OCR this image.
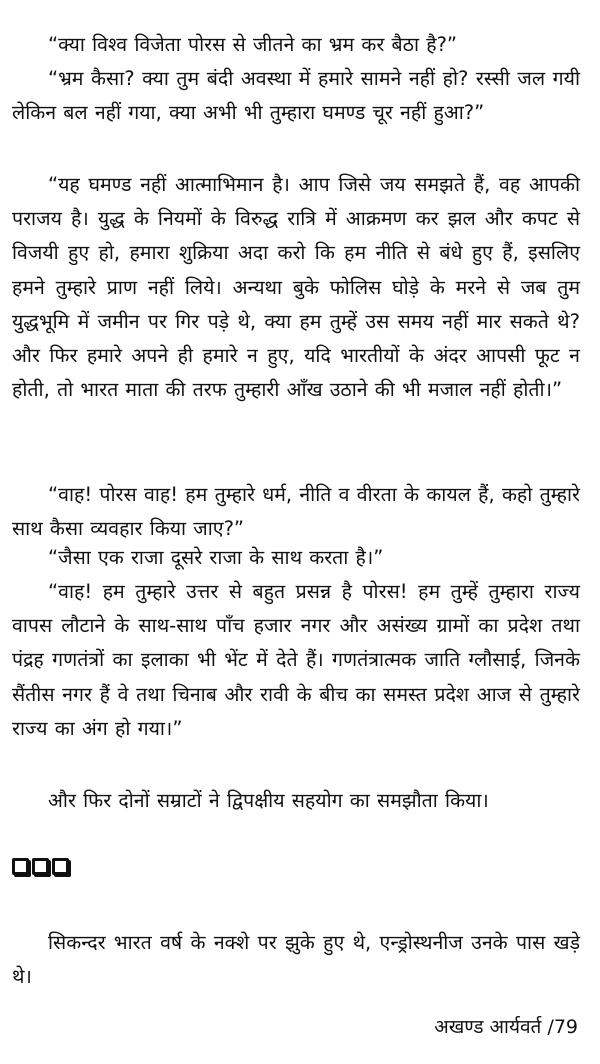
“क्या विश्व विजेता पोरस से जीतने का भ्रम कर बैठा है?”

“भ्रम कैसा? क्या तुम बंदी अवस्था में हमारे सामने नहीं हो? रस्सी जल गयी लेकिन बल नहीं गया, क्या अभी भी तुम्हारा घमण्ड चूर नहीं हुआ?”

“यह घमण्ड नहीं आत्माभिमान है। आप जिसे जय समझते हैं, वह आपकी पराजय है। युद्ध के नियमों के विरुद्ध रात्रि में आक्रमण कर झल और कपट से विजयी हुए हो, हमारा शुक्रिया अदा करो कि हम नीति से बंधे हुए हैं, इसलिए हमने तुम्हारे प्राण नहीं लिये। अन्यथा बुके फोलिस घोड़े के मरने से जब तुम युद्धभूमि में जमीन पर गिर पड़े थे, क्या हम तुम्हें उस समय नहीं मार सकते थे? और फिर हमारे अपने ही हमारे न हुए, यदि भारतीयों के अंदर आपसी फूट न होती, तो भारत माता की तरफ तुम्हारी आँख उठाने की भी मजाल नहीं होती।”

“वाह! पोरस वाह! हम तुम्हारे धर्म, नीति व वीरता के कायल हैं, कहो तुम्हारे साथ कैसा व्यवहार किया जाए?”

“जैसा एक राजा दूसरे राजा के साथ करता है।”

“वाह! हम तुम्हारे उत्तर से बहुत प्रसन्न है पोरस! हम तुम्हें तुम्हारा राज्य वापस लौटाने के साथ-साथ पाँच हजार नगर और असंख्य ग्रामों का प्रदेश तथा पंद्रह गणतंत्रों का इलाका भी भेंट में देते हैं। गणतंत्रात्मक जाति ग्लौसाई, जिनके सैंतीस नगर हैं वे तथा चिनाब और रावी के बीच का समस्त प्रदेश आज से तुम्हारे राज्य का अंग हो गया।”

और फिर दोनों सम्राटों ने द्विपक्षीय सहयोग का समझौता किया।

सिकन्दर भारत वर्ष के नक्शे पर झुके हुए थे, एन्ड्रोस्थनीज उनके पास खड़े थे।

अखण्ड आर्यवर्त /79
